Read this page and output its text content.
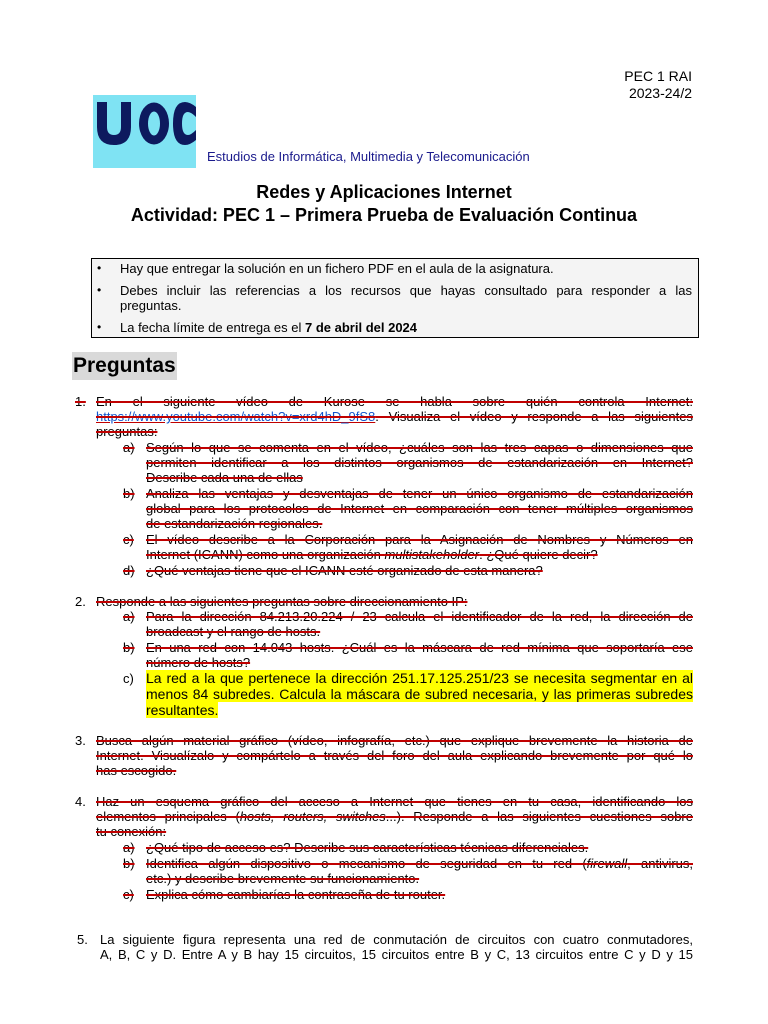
PEC 1 RAI
2023-24/2
Estudios de Informática, Multimedia y Telecomunicación
Redes y Aplicaciones Internet
Actividad: PEC 1 – Primera Prueba de Evaluación Continua
• Hay que entregar la solución en un fichero PDF en el aula de la asignatura.
• Debes incluir las referencias a los recursos que hayas consultado para responder a las
preguntas.
• La fecha límite de entrega es el 7 de abril del 2024
Preguntas
1. En el siguiente vídeo de Kurose se habla sobre quién controla Internet:
https://www.youtube.com/watch?v=xrd4hD_9fS8. Visualiza el vídeo y responde a las siguientes
preguntas:
a) Según lo que se comenta en el vídeo, ¿cuáles son las tres capas o dimensiones que
permiten identificar a los distintos organismos de estandarización en Internet?
Describe cada una de ellas
b) Analiza las ventajas y desventajas de tener un único organismo de estandarización
global para los protocolos de Internet en comparación con tener múltiples organismos
de estandarización regionales.
c) El vídeo describe a la Corporación para la Asignación de Nombres y Números en
Internet (ICANN) como una organización multistakeholder. ¿Qué quiere decir?
d) ¿Qué ventajas tiene que el ICANN esté organizado de esta manera?
2. Responde a las siguientes preguntas sobre direccionamiento IP:
a) Para la dirección 84.213.20.224 / 23 calcula el identificador de la red, la dirección de
broadcast y el rango de hosts.
b) En una red con 14.043 hosts. ¿Cuál es la máscara de red mínima que soportaría ese
número de hosts?
c) La red a la que pertenece la dirección 251.17.125.251/23 se necesita segmentar en al
menos 84 subredes. Calcula la máscara de subred necesaria, y las primeras subredes
resultantes.
3. Busca algún material gráfico (vídeo, infografía, etc.) que explique brevemente la historia de
Internet. Visualízalo y compártelo a través del foro del aula explicando brevemente por qué lo
has escogido.
4. Haz un esquema gráfico del acceso a Internet que tienes en tu casa, identificando los
elementos principales (hosts, routers, switches...). Responde a las siguientes cuestiones sobre
tu conexión:
a) ¿Qué tipo de acceso es? Describe sus características técnicas diferenciales.
b) Identifica algún dispositivo o mecanismo de seguridad en tu red (firewall, antivirus,
etc.) y describe brevemente su funcionamiento.
c) Explica cómo cambiarías la contraseña de tu router.
5. La siguiente figura representa una red de conmutación de circuitos con cuatro conmutadores,
A, B, C y D. Entre A y B hay 15 circuitos, 15 circuitos entre B y C, 13 circuitos entre C y D y 15
